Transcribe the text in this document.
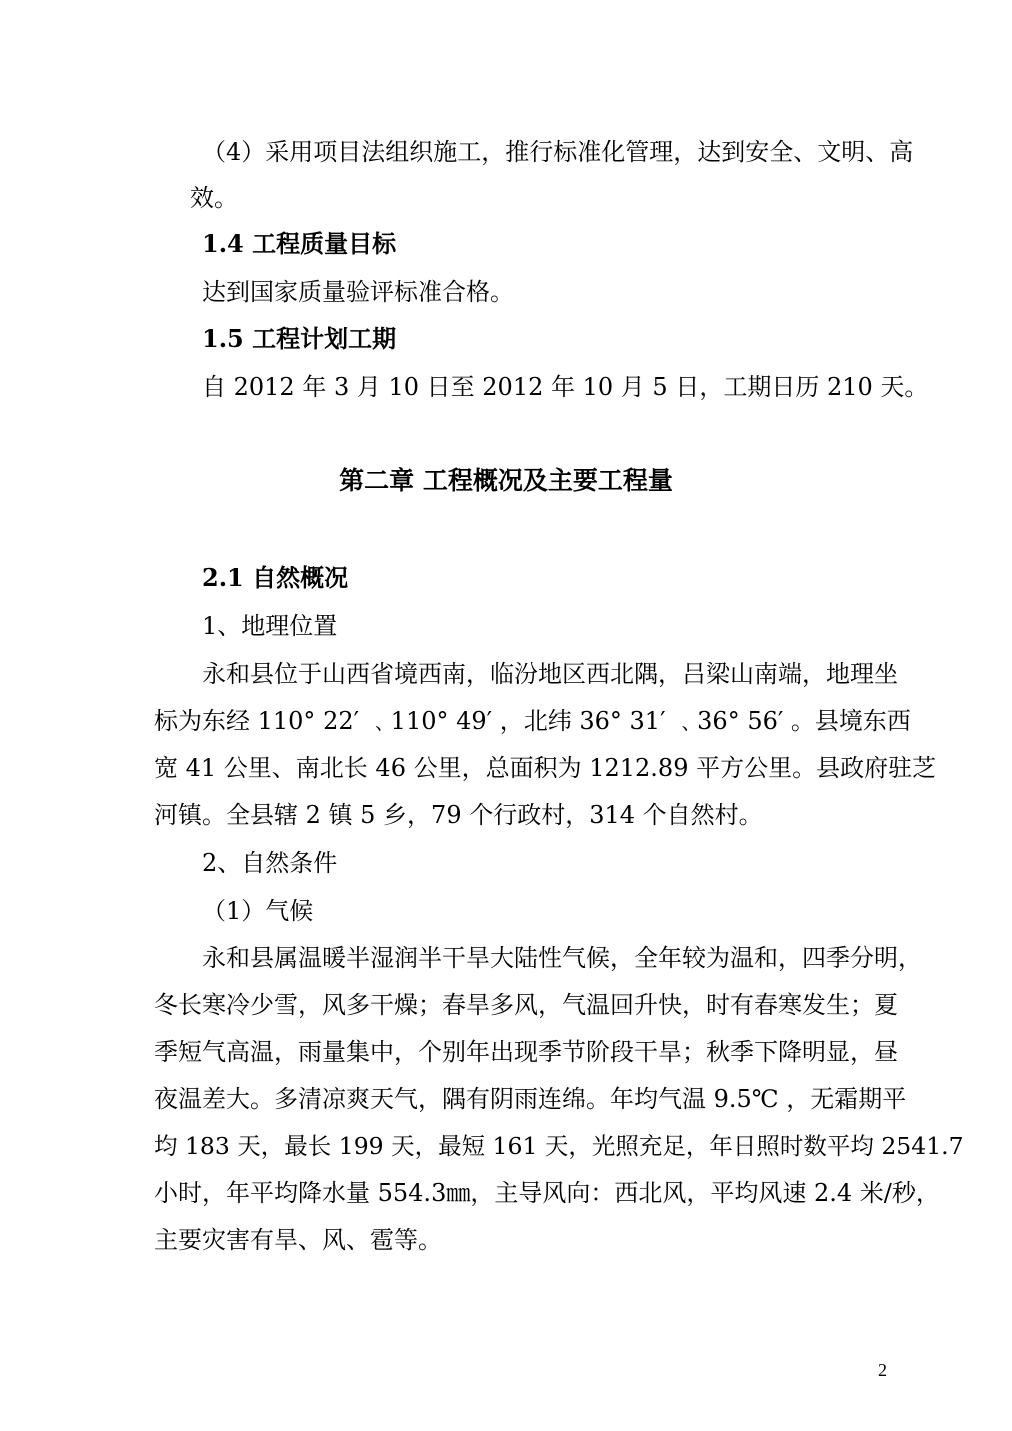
（4）采用项目法组织施工，推行标准化管理，达到安全、文明、高

效。

1.4 工程质量目标

达到国家质量验评标准合格。

1.5 工程计划工期

自 2012 年 3 月 10 日至 2012 年 10 月 5 日，工期日历 210 天。

第二章 工程概况及主要工程量

2.1 自然概况

1、地理位置

永和县位于山西省境西南，临汾地区西北隅，吕梁山南端，地理坐

标为东经 110° 22′ ﹑110° 49′ ，北纬 36° 31′ ﹑36° 56′ 。县境东西

宽 41 公里、南北长 46 公里，总面积为 1212.89 平方公里。县政府驻芝

河镇。全县辖 2 镇 5 乡，79 个行政村，314 个自然村。

2、自然条件

（1）气候

永和县属温暖半湿润半干旱大陆性气候，全年较为温和，四季分明，

冬长寒冷少雪，风多干燥；春旱多风，气温回升快，时有春寒发生；夏

季短气高温，雨量集中，个别年出现季节阶段干旱；秋季下降明显，昼

夜温差大。多清凉爽天气，隅有阴雨连绵。年均气温 9.5℃ ，无霜期平

均 183 天，最长 199 天，最短 161 天，光照充足，年日照时数平均 2541.7

小时，年平均降水量 554.3㎜，主导风向：西北风，平均风速 2.4 米/秒，

主要灾害有旱、风、雹等。

2
